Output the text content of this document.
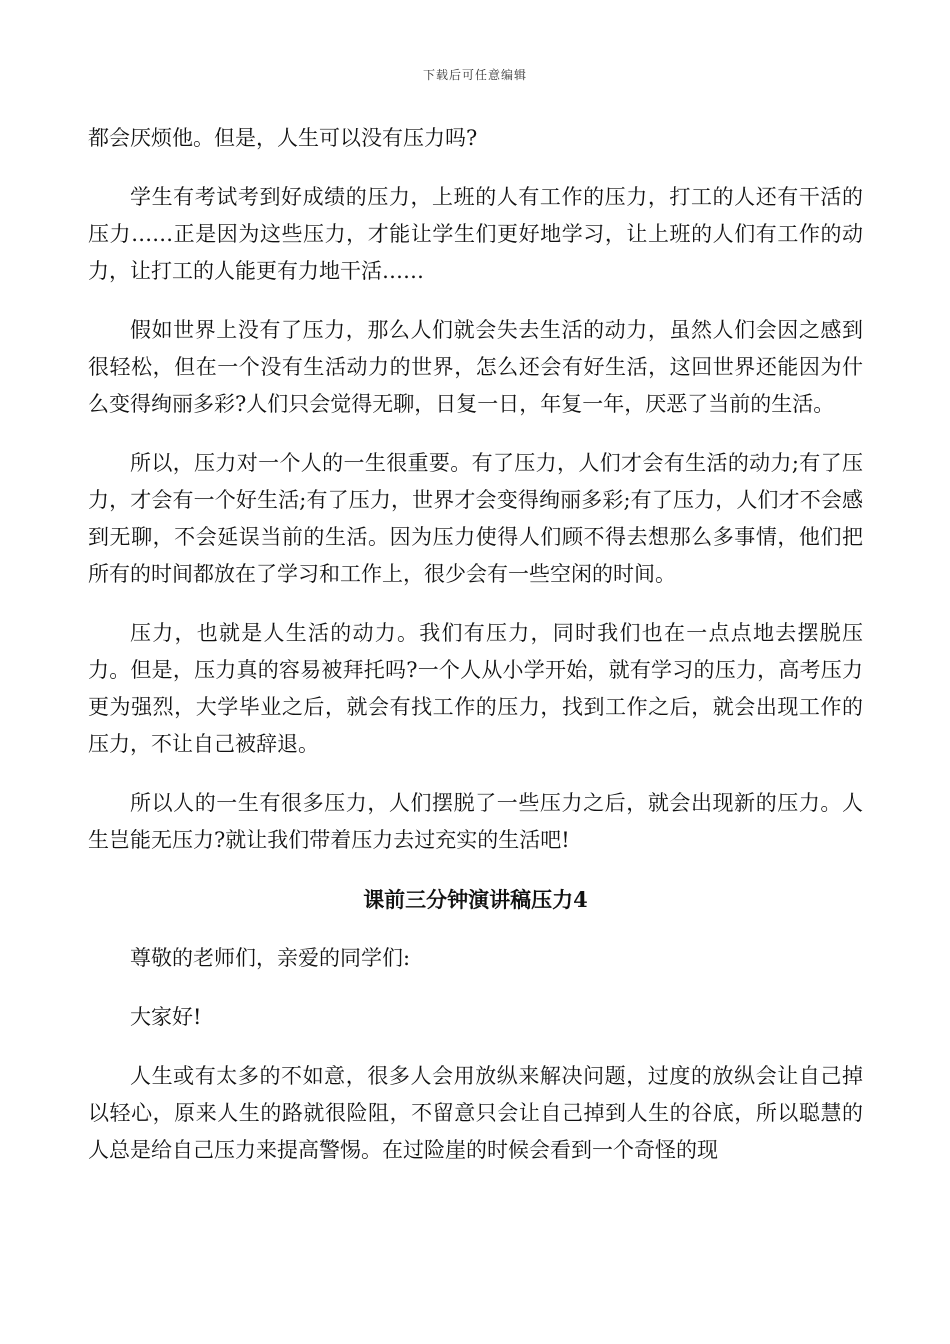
下载后可任意编辑

都会厌烦他。但是，人生可以没有压力吗?

学生有考试考到好成绩的压力，上班的人有工作的压力，打工的人还有干活的压力……正是因为这些压力，才能让学生们更好地学习，让上班的人们有工作的动力，让打工的人能更有力地干活……

假如世界上没有了压力，那么人们就会失去生活的动力，虽然人们会因之感到很轻松，但在一个没有生活动力的世界，怎么还会有好生活，这回世界还能因为什么变得绚丽多彩?人们只会觉得无聊，日复一日，年复一年，厌恶了当前的生活。

所以，压力对一个人的一生很重要。有了压力，人们才会有生活的动力;有了压力，才会有一个好生活;有了压力，世界才会变得绚丽多彩;有了压力，人们才不会感到无聊，不会延误当前的生活。因为压力使得人们顾不得去想那么多事情，他们把所有的时间都放在了学习和工作上，很少会有一些空闲的时间。

压力，也就是人生活的动力。我们有压力，同时我们也在一点点地去摆脱压力。但是，压力真的容易被拜托吗?一个人从小学开始，就有学习的压力，高考压力更为强烈，大学毕业之后，就会有找工作的压力，找到工作之后，就会出现工作的压力，不让自己被辞退。

所以人的一生有很多压力，人们摆脱了一些压力之后，就会出现新的压力。人生岂能无压力?就让我们带着压力去过充实的生活吧!

课前三分钟演讲稿压力4

尊敬的老师们，亲爱的同学们:

大家好!

人生或有太多的不如意，很多人会用放纵来解决问题，过度的放纵会让自己掉以轻心，原来人生的路就很险阻，不留意只会让自己掉到人生的谷底，所以聪慧的人总是给自己压力来提高警惕。在过险崖的时候会看到一个奇怪的现
